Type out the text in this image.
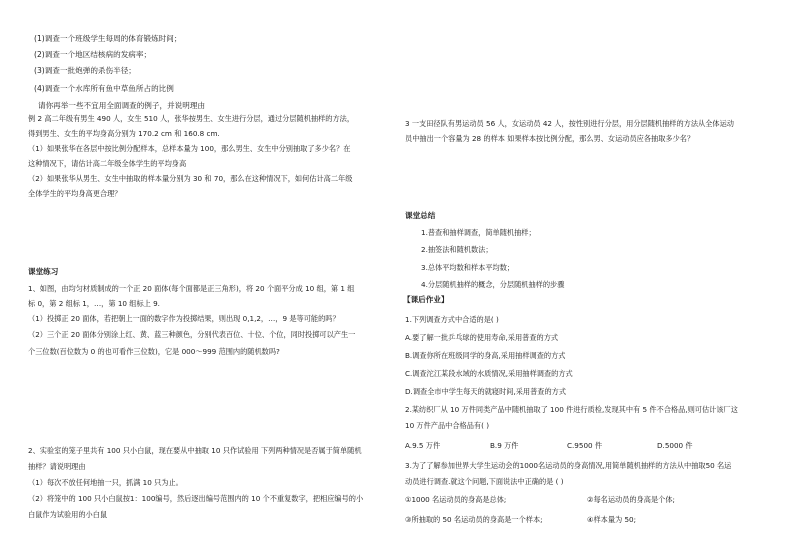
(1)调查一个班级学生每周的体育锻炼时间；
(2)调查一个地区结核病的发病率；
(3)调查一批炮弹的杀伤半径；
(4)调查一个水库所有鱼中草鱼所占的比例
请你再举一些不宜用全面调查的例子，并说明理由
例 2 高二年级有男生 490 人，女生 510 人，张华按男生、女生进行分层，通过分层随机抽样的方法，
得到男生、女生的平均身高分别为 170.2 cm 和 160.8 cm.
（1）如果张华在各层中按比例分配样本，总样本量为 100，那么男生、女生中分别抽取了多少名？在
这种情况下，请估计高二年级全体学生的平均身高
（2）如果张华从男生、女生中抽取的样本量分别为 30 和 70，那么在这种情况下，如何估计高二年级
全体学生的平均身高更合理？
课堂练习
1、如图，由均匀材质制成的一个正 20 面体(每个面都是正三角形)，将 20 个面平分成 10 组，第 1 组
标 0，第 2 组标 1，…，第 10 组标上 9.
（1）投掷正 20 面体，若把朝上一面的数字作为投掷结果，则出现 0,1,2，…，9 是等可能的吗？
（2）三个正 20 面体分别涂上红、黄、蓝三种颜色，分别代表百位、十位、个位，同时投掷可以产生一
个三位数(百位数为 0 的也可看作三位数)，它是 000～999 范围内的随机数吗?
2、实验室的笼子里共有 100 只小白鼠，现在要从中抽取 10 只作试验用 下列两种情况是否属于简单随机
抽样？请说明理由
（1）每次不放任何地抽一只，抓满 10 只为止。
（2）将笼中的 100 只小白鼠按1：100编号，然后逐出编号范围内的 10 个不重复数字，把相应编号的小
白鼠作为试验用的小白鼠
3 一支田径队有男运动员 56 人，女运动员 42 人，按性别进行分层，用分层随机抽样的方法从全体运动
员中抽出一个容量为 28 的样本 如果样本按比例分配，那么男、女运动员应各抽取多少名？
课堂总结
1.普查和抽样调查，简单随机抽样；
2.抽签法和随机数法；
3.总体平均数和样本平均数；
4.分层随机抽样的概念，分层随机抽样的步骤
【课后作业】
1.下列调查方式中合适的是( )
A.要了解一批乒乓球的使用寿命,采用普查的方式
B.调查你所在班级同学的身高,采用抽样调查的方式
C.调查沱江某段水域的水质情况,采用抽样调查的方式
D.调查全市中学生每天的就寝时间,采用普查的方式
2.某纺织厂从 10 万件同类产品中随机抽取了 100 件进行质检,发现其中有 5 件不合格品,则可估计该厂这
10 万件产品中合格品有( )
A.9.5 万件	B.9 万件	C.9500 件	D.5000 件
3.为了了解参加世界大学生运动会的1000名运动员的身高情况,用简单随机抽样的方法从中抽取50 名运
动员进行调查.就这个问题,下面说法中正确的是 ( )
①1000 名运动员的身高是总体;	②每名运动员的身高是个体;
③所抽取的 50 名运动员的身高是一个样本;	④样本量为 50;
